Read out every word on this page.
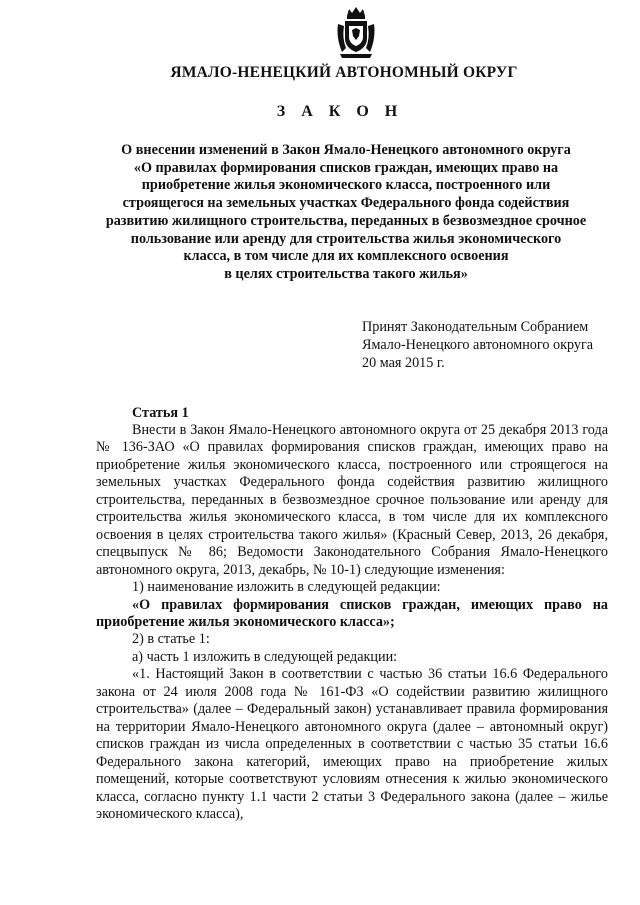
ЯМАЛО-НЕНЕЦКИЙ АВТОНОМНЫЙ ОКРУГ
З А К О Н
О внесении изменений в Закон Ямало-Ненецкого автономного округа
«О правилах формирования списков граждан, имеющих право на
приобретение жилья экономического класса, построенного или
строящегося на земельных участках Федерального фонда содействия
развитию жилищного строительства, переданных в безвозмездное срочное
пользование или аренду для строительства жилья экономического
класса, в том числе для их комплексного освоения
в целях строительства такого жилья»
Принят Законодательным Собранием
Ямало-Ненецкого автономного округа
20 мая 2015 г.
Статья 1

Внести в Закон Ямало-Ненецкого автономного округа от 25 декабря 2013 года № 136-ЗАО «О правилах формирования списков граждан, имеющих право на приобретение жилья экономического класса, построенного или строящегося на земельных участках Федерального фонда содействия развитию жилищного строительства, переданных в безвозмездное срочное пользование или аренду для строительства жилья экономического класса, в том числе для их комплексного освоения в целях строительства такого жилья» (Красный Север, 2013, 26 декабря, спецвыпуск № 86; Ведомости Законодательного Собрания Ямало-Ненецкого автономного округа, 2013, декабрь, № 10-1) следующие изменения:

1) наименование изложить в следующей редакции:

«О правилах формирования списков граждан, имеющих право на приобретение жилья экономического класса»;

2) в статье 1:

а) часть 1 изложить в следующей редакции:

«1. Настоящий Закон в соответствии с частью 36 статьи 16.6 Федерального закона от 24 июля 2008 года № 161-ФЗ «О содействии развитию жилищного строительства» (далее – Федеральный закон) устанавливает правила формирования на территории Ямало-Ненецкого автономного округа (далее – автономный округ) списков граждан из числа определенных в соответствии с частью 35 статьи 16.6 Федерального закона категорий, имеющих право на приобретение жилых помещений, которые соответствуют условиям отнесения к жилью экономического класса, согласно пункту 1.1 части 2 статьи 3 Федерального закона (далее – жилье экономического класса),
